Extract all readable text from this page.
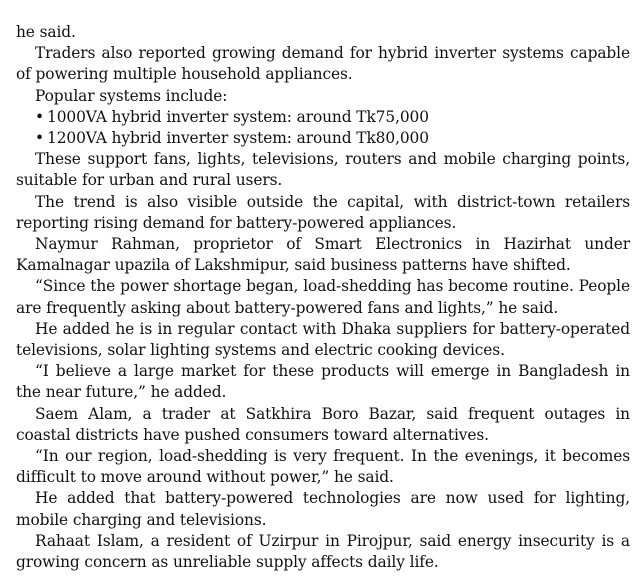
he said.

Traders also reported growing demand for hybrid inverter systems capable of powering multiple household appliances.

Popular systems include:

• 1000VA hybrid inverter system: around Tk75,000
• 1200VA hybrid inverter system: around Tk80,000

These support fans, lights, televisions, routers and mobile charging points, suitable for urban and rural users.

The trend is also visible outside the capital, with district-town retailers reporting rising demand for battery-powered appliances.

Naymur Rahman, proprietor of Smart Electronics in Hazirhat under Kamalnagar upazila of Lakshmipur, said business patterns have shifted.

“Since the power shortage began, load-shedding has become routine. People are frequently asking about battery-powered fans and lights,” he said.

He added he is in regular contact with Dhaka suppliers for battery-operated televisions, solar lighting systems and electric cooking devices.

“I believe a large market for these products will emerge in Bangladesh in the near future,” he added.

Saem Alam, a trader at Satkhira Boro Bazar, said frequent outages in coastal districts have pushed consumers toward alternatives.

“In our region, load-shedding is very frequent. In the evenings, it becomes difficult to move around without power,” he said.

He added that battery-powered technologies are now used for lighting, mobile charging and televisions.

Rahaat Islam, a resident of Uzirpur in Pirojpur, said energy insecurity is a growing concern as unreliable supply affects daily life.
